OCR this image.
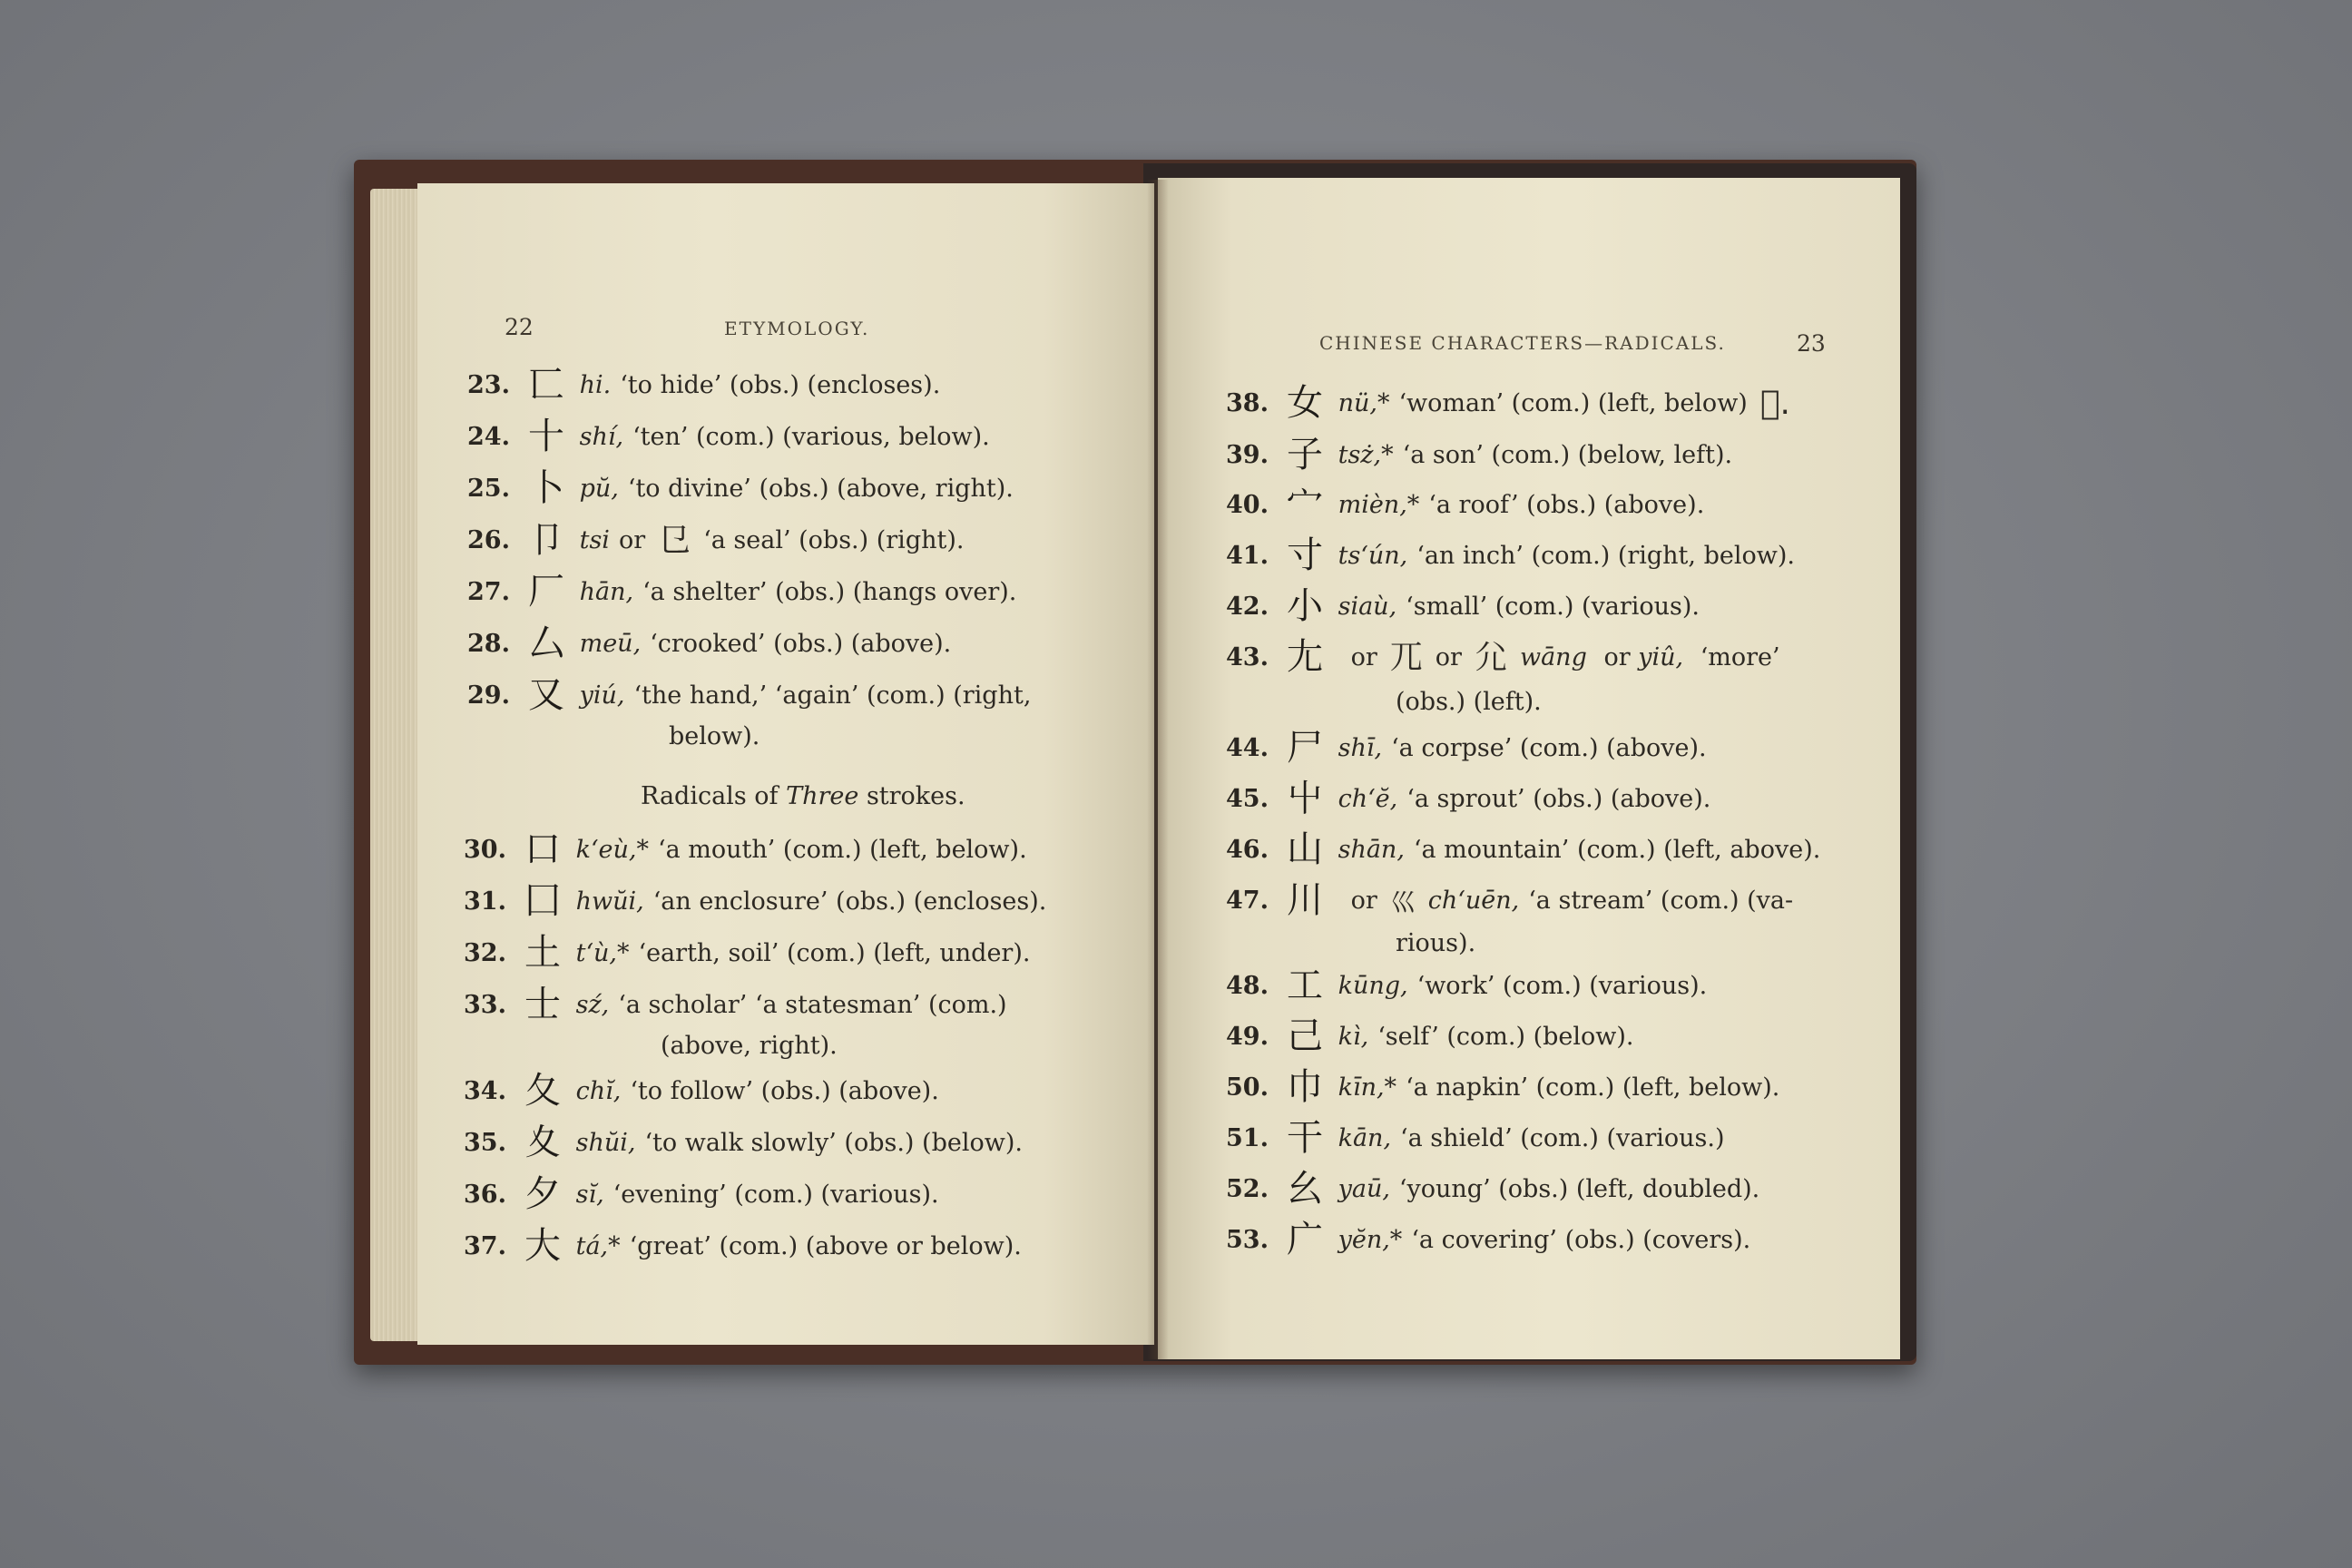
22	ETYMOLOGY.
23. 匸 hi. ‘to hide’ (obs.) (encloses).
24. 十 shí, ‘ten’ (com.) (various, below).
25. 卜 pŭ, ‘to divine’ (obs.) (above, right).
26. 卩 tsi or 㔾 ‘a seal’ (obs.) (right).
27. 厂 hān, ‘a shelter’ (obs.) (hangs over).
28. 厶 meū, ‘crooked’ (obs.) (above).
29. 又 yiú, ‘the hand,’ ‘again’ (com.) (right,
below).
Radicals of Three strokes.
30. 口 k‘eù,* ‘a mouth’ (com.) (left, below).
31. 囗 hwŭi, ‘an enclosure’ (obs.) (encloses).
32. 土 t‘ù,* ‘earth, soil’ (com.) (left, under).
33. 士 sź, ‘a scholar’ ‘a statesman’ (com.)
(above, right).
34. 夂 chĭ, ‘to follow’ (obs.) (above).
35. 夊 shŭi, ‘to walk slowly’ (obs.) (below).
36. 夕 sĭ, ‘evening’ (com.) (various).
37. 大 tá,* ‘great’ (com.) (above or below).
CHINESE CHARACTERS—RADICALS.	23
38. 女 nü,* ‘woman’ (com.) (left, below) 𡚤.
39. 子 tsż,* ‘a son’ (com.) (below, left).
40. 宀 mièn,* ‘a roof’ (obs.) (above).
41. 寸 ts‘ún, ‘an inch’ (com.) (right, below).
42. 小 siaù, ‘small’ (com.) (various).
43. 尢 or 兀 or 尣 wāng or yiû, ‘more’
(obs.) (left).
44. 尸 shī, ‘a corpse’ (com.) (above).
45. 屮 ch‘ĕ, ‘a sprout’ (obs.) (above).
46. 山 shān, ‘a mountain’ (com.) (left, above).
47. 川 or 巛 ch‘uēn, ‘a stream’ (com.) (va-
rious).
48. 工 kūng, ‘work’ (com.) (various).
49. 己 kì, ‘self’ (com.) (below).
50. 巾 kīn,* ‘a napkin’ (com.) (left, below).
51. 干 kān, ‘a shield’ (com.) (various.)
52. 幺 yaū, ‘young’ (obs.) (left, doubled).
53. 广 yĕn,* ‘a covering’ (obs.) (covers).
